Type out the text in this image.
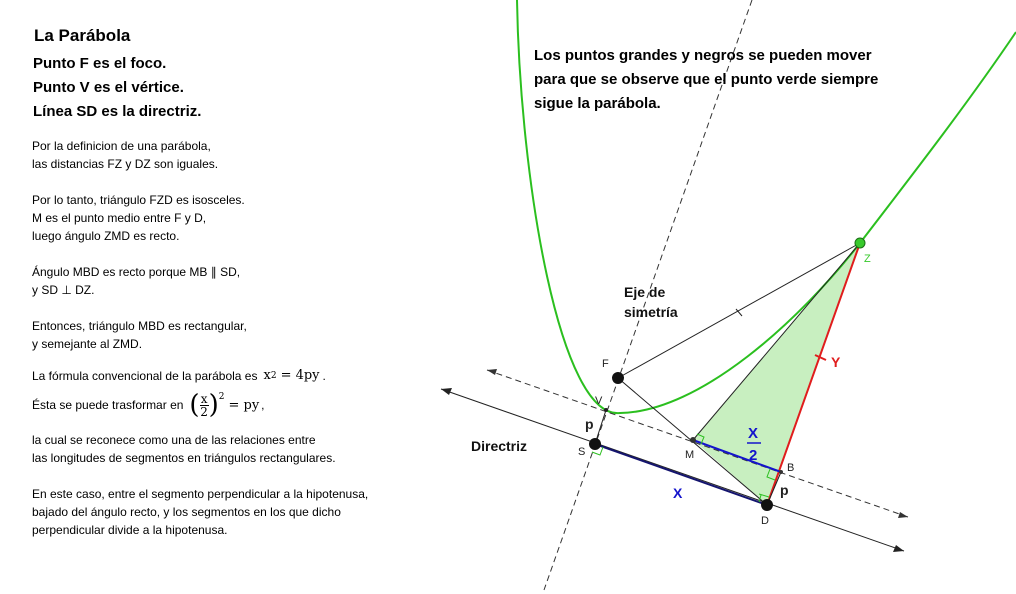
La Parábola
Punto F es el foco.
Punto V es el vértice.
Línea SD es la directriz.
Por la definicion de una parábola,
las distancias FZ y DZ son iguales.
Por lo tanto, triángulo FZD es isosceles.
M es el punto medio entre F y D,
luego ángulo ZMD es recto.
Ángulo MBD es recto porque MB ∥ SD,
y SD ⊥ DZ.
Entonces, triángulo MBD es rectangular,
y semejante al ZMD.
La fórmula convencional de la parábola es x 2 = 4py .
Ésta se puede trasformar en ( $\frac{x}{2} )^2$
= py ,
la cual se reconece como una de las relaciones entre
las longitudes de segmentos en triángulos rectangulares.
En este caso, entre el segmento perpendicular a la hipotenusa,
bajado del ángulo recto, y los segmentos en los que dicho
perpendicular divide a la hipotenusa.
F
V
S	M
B
D
Z
p
p
X
Y
X
2
Eje de
simetría
Directriz
Los puntos grandes y negros se pueden mover
para que se observe que el punto verde siempre
sigue la parábola.
